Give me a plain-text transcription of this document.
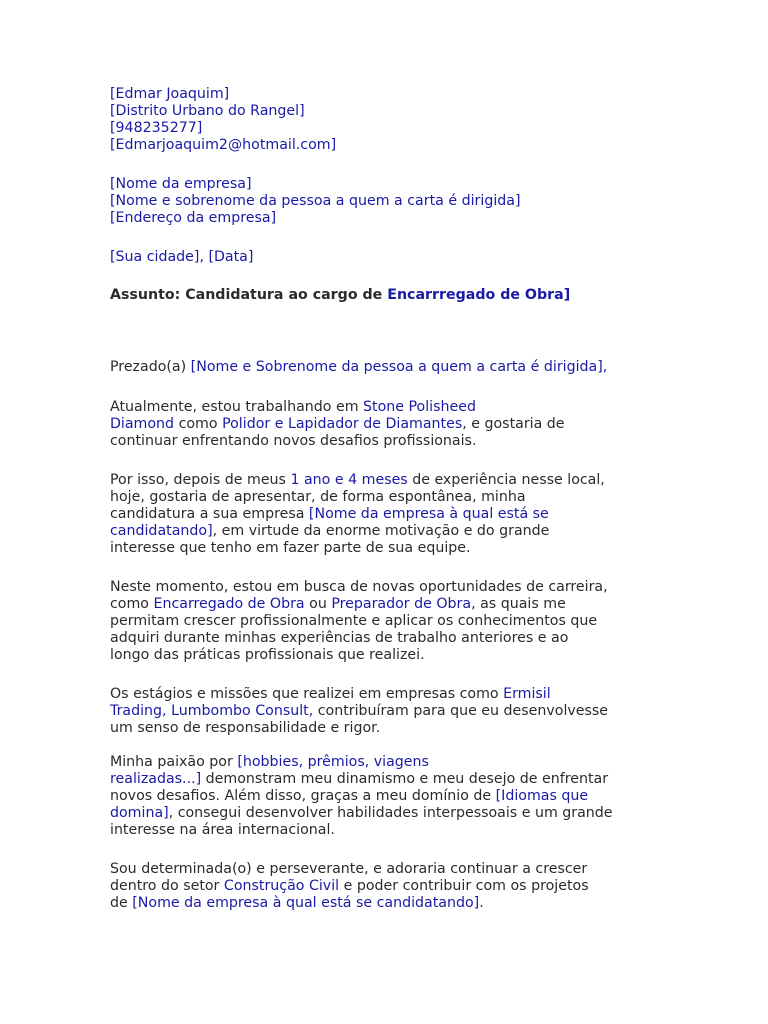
[Edmar Joaquim]
[Distrito Urbano do Rangel]
[948235277]
[Edmarjoaquim2@hotmail.com]
[Nome da empresa]
[Nome e sobrenome da pessoa a quem a carta é dirigida]
[Endereço da empresa]
[Sua cidade], [Data]
Assunto: Candidatura ao cargo de Encarrregado de Obra]
Prezado(a) [Nome e Sobrenome da pessoa a quem a carta é dirigida],
Atualmente, estou trabalhando em Stone Polisheed
Diamond como Polidor e Lapidador de Diamantes, e gostaria de
continuar enfrentando novos desafios profissionais.
Por isso, depois de meus 1 ano e 4 meses de experiência nesse local,
hoje, gostaria de apresentar, de forma espontânea, minha
candidatura a sua empresa [Nome da empresa à qual está se
candidatando], em virtude da enorme motivação e do grande
interesse que tenho em fazer parte de sua equipe.
Neste momento, estou em busca de novas oportunidades de carreira,
como Encarregado de Obra ou Preparador de Obra, as quais me
permitam crescer profissionalmente e aplicar os conhecimentos que
adquiri durante minhas experiências de trabalho anteriores e ao
longo das práticas profissionais que realizei.
Os estágios e missões que realizei em empresas como Ermisil
Trading, Lumbombo Consult, contribuíram para que eu desenvolvesse
um senso de responsabilidade e rigor.
Minha paixão por [hobbies, prêmios, viagens
realizadas...] demonstram meu dinamismo e meu desejo de enfrentar
novos desafios. Além disso, graças a meu domínio de [Idiomas que
domina], consegui desenvolver habilidades interpessoais e um grande
interesse na área internacional.
Sou determinada(o) e perseverante, e adoraria continuar a crescer
dentro do setor Construção Civil e poder contribuir com os projetos
de [Nome da empresa à qual está se candidatando].
